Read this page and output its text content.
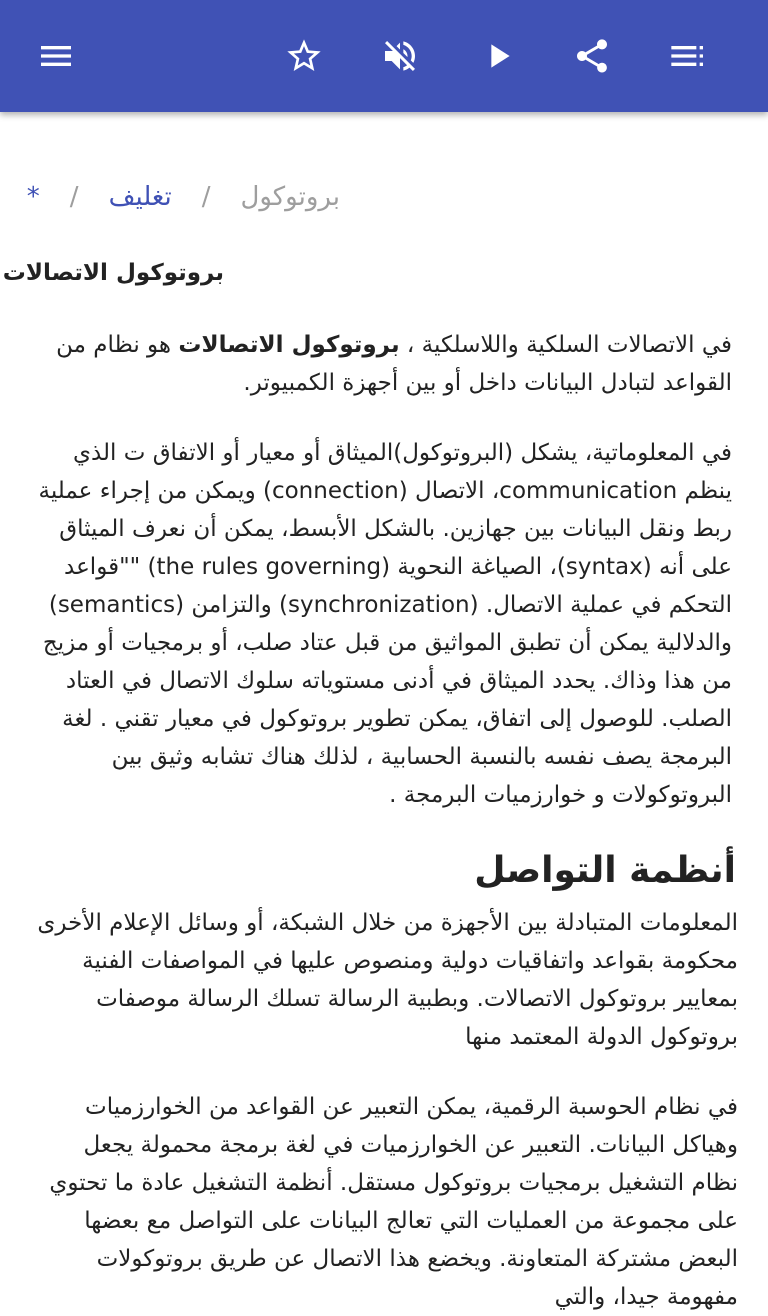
بروتوكول
/
تغليف
/
*
بروتوكول الاتصالات
في الاتصالات السلكية واللاسلكية ، بروتوكول الاتصالات هو نظام من القواعد لتبادل البيانات داخل أو بين أجهزة الكمبيوتر.
في المعلوماتية، يشكل (البروتوكول)الميثاق أو معيار أو الاتفاق ت الذي ينظم communication، الاتصال (connection) ويمكن من إجراء عملية ربط ونقل البيانات بين جهازين. بالشكل الأبسط، يمكن أن نعرف الميثاق على أنه (syntax)، الصياغة النحوية (the rules governing) ""قواعد التحكم في عملية الاتصال. (synchronization) والتزامن (semantics) والدلالية يمكن أن تطبق المواثيق من قبل عتاد صلب، أو برمجيات أو مزيج من هذا وذاك. يحدد الميثاق في أدنى مستوياته سلوك الاتصال في العتاد الصلب. للوصول إلى اتفاق، يمكن تطوير بروتوكول في معيار تقني . لغة البرمجة يصف نفسه بالنسبة الحسابية ، لذلك هناك تشابه وثيق بين البروتوكولات و خوارزميات البرمجة .
أنظمة التواصل
المعلومات المتبادلة بين الأجهزة من خلال الشبكة، أو وسائل الإعلام الأخرى محكومة بقواعد واتفاقيات دولية ومنصوص عليها في المواصفات الفنية بمعايير بروتوكول الاتصالات. وبطبية الرسالة تسلك الرسالة موصفات بروتوكول الدولة المعتمد منها
في نظام الحوسبة الرقمية، يمكن التعبير عن القواعد من الخوارزميات وهياكل البيانات. التعبير عن الخوارزميات في لغة برمجة محمولة يجعل نظام التشغيل برمجيات بروتوكول مستقل. أنظمة التشغيل عادة ما تحتوي على مجموعة من العمليات التي تعالج البيانات على التواصل مع بعضها البعض مشتركة المتعاونة. ويخضع هذا الاتصال عن طريق بروتوكولات مفهومة جيدا، والتي
